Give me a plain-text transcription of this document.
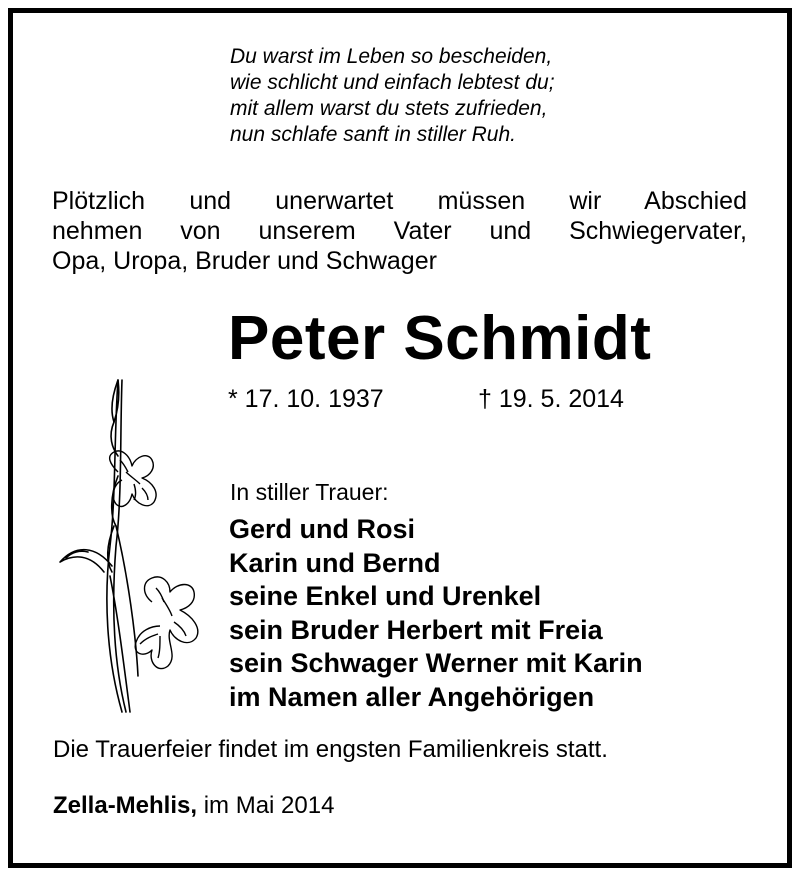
Du warst im Leben so bescheiden,
wie schlicht und einfach lebtest du;
mit allem warst du stets zufrieden,
nun schlafe sanft in stiller Ruh.
Plötzlich und unerwartet müssen wir Abschied
nehmen von unserem Vater und Schwiegervater,
Opa, Uropa, Bruder und Schwager
Peter Schmidt
* 17. 10. 1937	† 19. 5. 2014
In stiller Trauer:
Gerd und Rosi
Karin und Bernd
seine Enkel und Urenkel
sein Bruder Herbert mit Freia
sein Schwager Werner mit Karin
im Namen aller Angehörigen
Die Trauerfeier findet im engsten Familienkreis statt.
Zella-Mehlis, im Mai 2014
